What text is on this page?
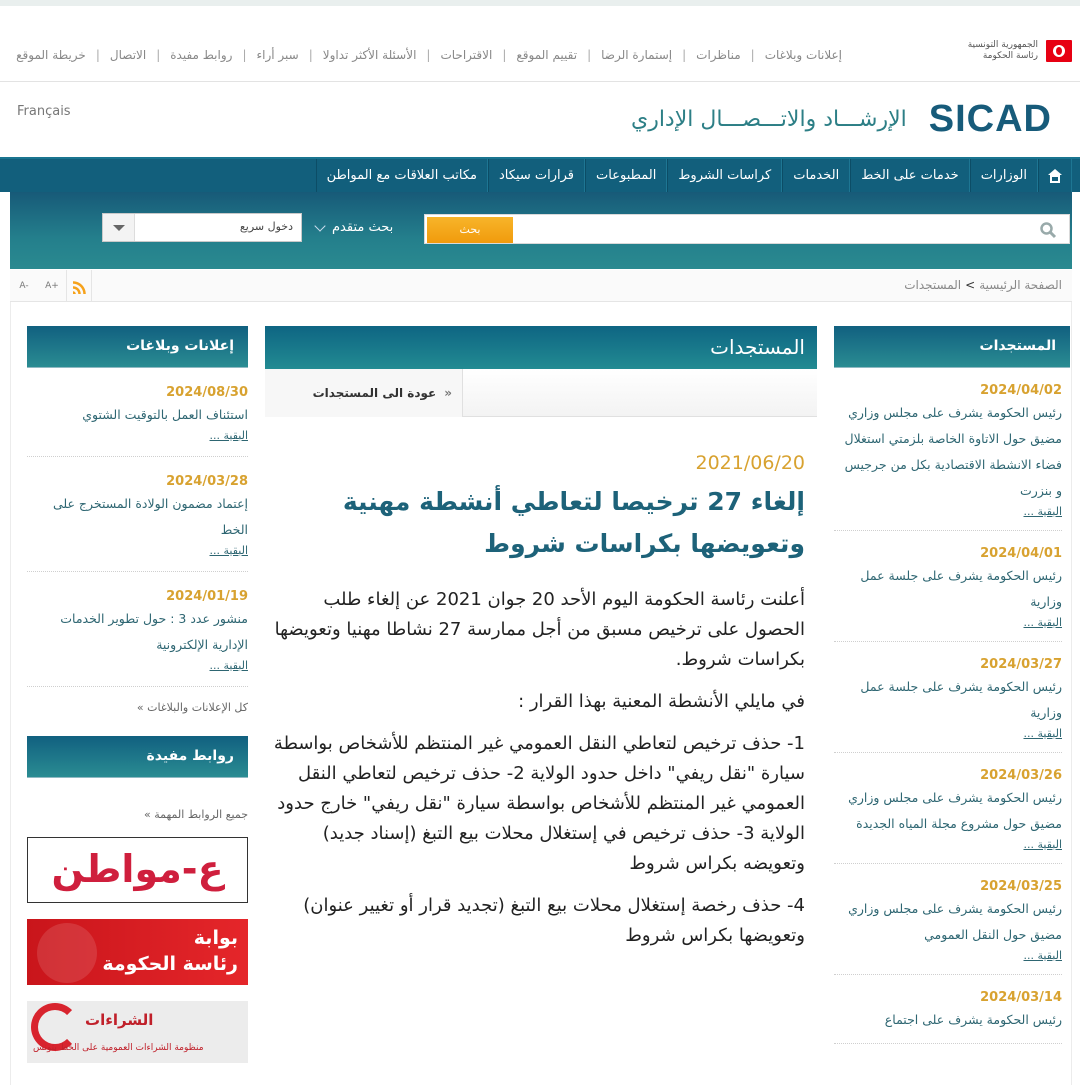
الجمهورية التونسية
رئاسة الحكومة
إعلانات وبلاغات
|
مناظرات
|
إستمارة الرضا
|
تقييم الموقع
|
الاقتراحات
|
الأسئلة الأكثر تداولا
|
سبر أراء
|
روابط مفيدة
|
الاتصال
|
خريطة الموقع
Français	الإرشـــاد والاتـــصـــال الإداري SICAD
الوزارات
خدمات على الخط
الخدمات
كراسات الشروط
المطبوعات
قرارات سيكاد
مكاتب العلاقات مع المواطن
بحث
بحث متقدم
دخول سريع
الصفحة الرئيسية
>
المستجدات
A-	A+
المستجدات
2024/04/02
رئيس الحكومة يشرف على مجلس وزاري مضيق حول الاتاوة الخاصة بلزمتي استغلال فضاء الانشطة الاقتصادية بكل من جرجيس و بنزرت
البقية ...
2024/04/01
رئيس الحكومة يشرف على جلسة عمل وزارية
البقية ...
2024/03/27
رئيس الحكومة يشرف على جلسة عمل وزارية
البقية ...
2024/03/26
رئيس الحكومة يشرف على مجلس وزاري مضيق حول مشروع مجلة المياه الجديدة
البقية ...
2024/03/25
رئيس الحكومة يشرف على مجلس وزاري مضيق حول النقل العمومي
البقية ...
2024/03/14
رئيس الحكومة يشرف على اجتماع
المستجدات
«
عودة الى المستجدات
2021/06/20
إلغاء 27 ترخيصا لتعاطي أنشطة مهنية وتعويضها بكراسات شروط

أعلنت رئاسة الحكومة اليوم الأحد 20 جوان 2021 عن إلغاء طلب الحصول على ترخيص مسبق من أجل ممارسة 27 نشاطا مهنيا وتعويضها بكراسات شروط.

في مايلي الأنشطة المعنية بهذا القرار :

1- حذف ترخيص لتعاطي النقل العمومي غير المنتظم للأشخاص بواسطة سيارة "نقل ريفي" داخل حدود الولاية 2- حذف ترخيص لتعاطي النقل العمومي غير المنتظم للأشخاص بواسطة سيارة "نقل ريفي" خارج حدود الولاية 3- حذف ترخيص في إستغلال محلات بيع التبغ (إسناد جديد) وتعويضه بكراس شروط

4- حذف رخصة إستغلال محلات بيع التبغ (تجديد قرار أو تغيير عنوان) وتعويضها بكراس شروط

إعلانات وبلاغات
2024/08/30
استئناف العمل بالتوقيت الشتوي
البقية ...
2024/03/28
إعتماد مضمون الولادة المستخرج على الخط
البقية ...
2024/01/19
منشور عدد 3 : حول تطوير الخدمات الإدارية الإلكترونية
البقية ...
كل الإعلانات والبلاغات »
روابط مفيدة
جميع الروابط المهمة »
ع-مواطن
بوابة
رئاسة الحكومة
الشراءات
منظومة الشراءات العمومية على الخط بتونس
